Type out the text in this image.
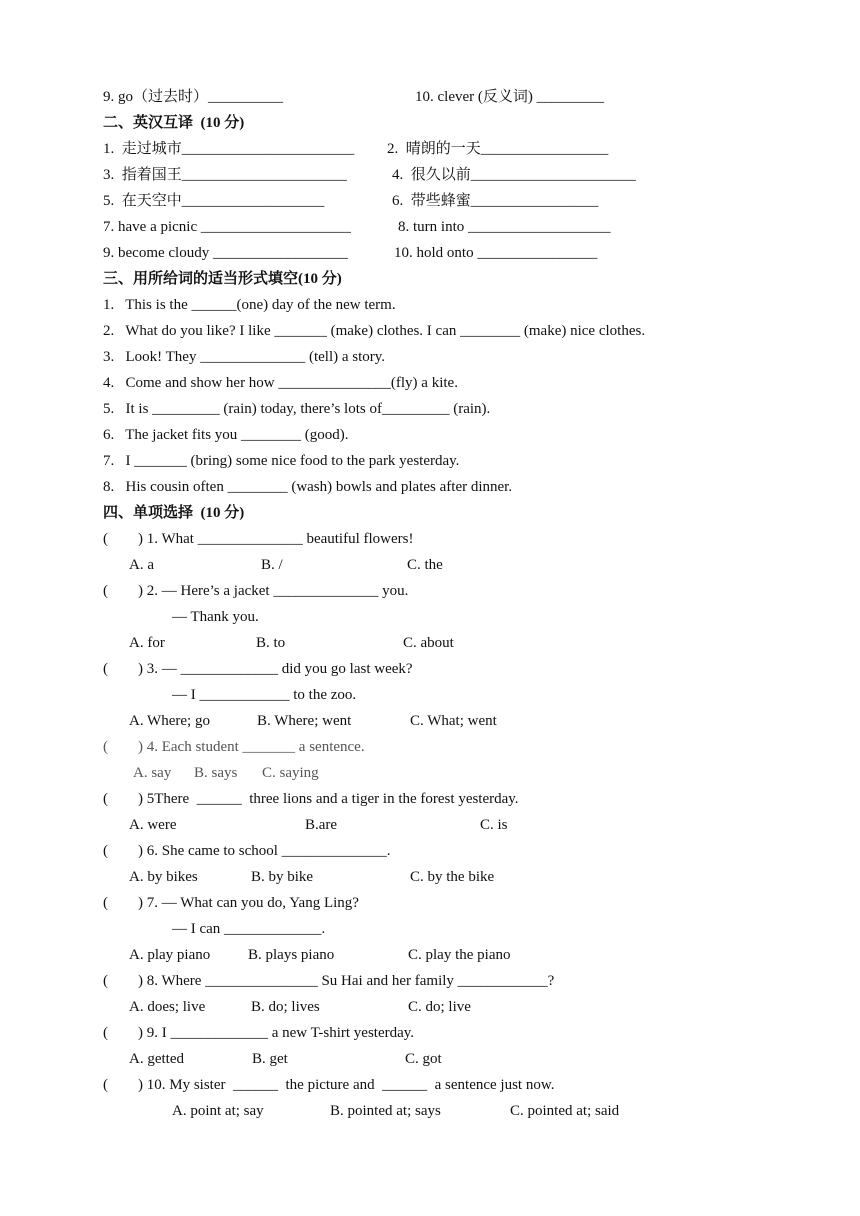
9. go（过去时）__________	10. clever (反义词) _________
二、英汉互译  (10 分)
1.  走过城市_______________________ 2.  晴朗的一天_________________
3.  指着国王______________________	4.  很久以前______________________
5.  在天空中___________________	6.  带些蜂蜜_________________
7. have a picnic ____________________	8. turn into ___________________
9. become cloudy __________________	10. hold onto ________________
三、用所给词的适当形式填空(10 分)
1.   This is the ______(one) day of the new term.
2.   What do you like? I like _______ (make) clothes. I can ________ (make) nice clothes.
3.   Look! They ______________ (tell) a story.
4.   Come and show her how _______________(fly) a kite.
5.   It is _________ (rain) today, there’s lots of_________ (rain).
6.   The jacket fits you ________ (good).
7.   I _______ (bring) some nice food to the park yesterday.
8.   His cousin often ________ (wash) bowls and plates after dinner.
四、单项选择  (10 分)
(        ) 1. What ______________ beautiful flowers!
A. a	B. /	C. the
(        ) 2. — Here’s a jacket ______________ you.
— Thank you.
A. for	B. to	C. about
(        ) 3. — _____________ did you go last week?
— I ____________ to the zoo.
A. Where; go	B. Where; went	C. What; went
(        ) 4. Each student _______ a sentence.
A. say B. says C. saying
(        ) 5There  ______  three lions and a tiger in the forest yesterday.
A. were	B.are	C. is
(        ) 6. She came to school ______________.
A. by bikes	B. by bike	C. by the bike
(        ) 7. — What can you do, Yang Ling?
— I can _____________.
A. play piano	B. plays piano	C. play the piano
(        ) 8. Where _______________ Su Hai and her family ____________?
A. does; live	B. do; lives	C. do; live
(        ) 9. I _____________ a new T-shirt yesterday.
A. getted	B. get	C. got
(        ) 10. My sister  ______  the picture and  ______  a sentence just now.
A. point at; say	B. pointed at; says	C. pointed at; said
